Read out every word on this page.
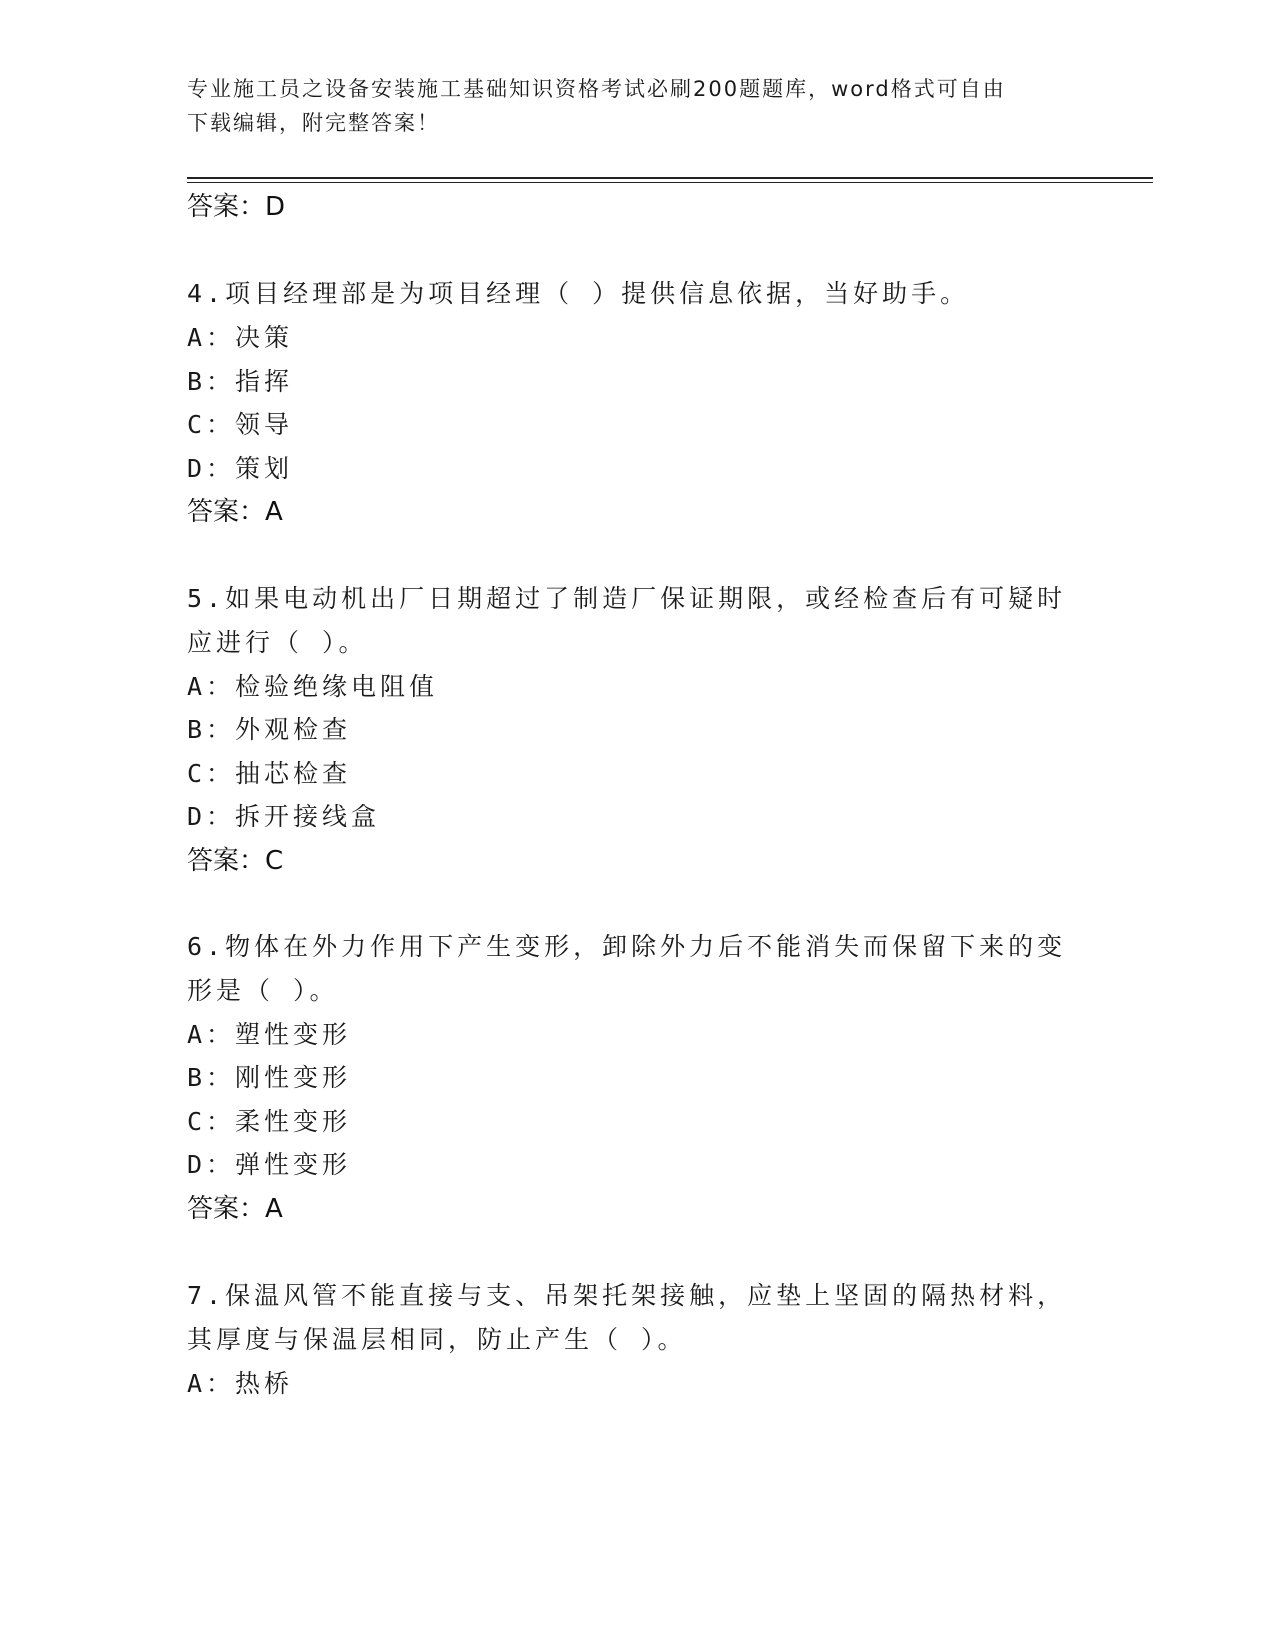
专业施工员之设备安装施工基础知识资格考试必刷200题题库，word格式可自由
下载编辑，附完整答案！
答案：D
4.项目经理部是为项目经理（ ）提供信息依据，当好助手。
A：决策
B：指挥
C：领导
D：策划
答案：A
5.如果电动机出厂日期超过了制造厂保证期限，或经检查后有可疑时
应进行（ ）。
A：检验绝缘电阻值
B：外观检查
C：抽芯检查
D：拆开接线盒
答案：C
6.物体在外力作用下产生变形，卸除外力后不能消失而保留下来的变
形是（ ）。
A：塑性变形
B：刚性变形
C：柔性变形
D：弹性变形
答案：A
7.保温风管不能直接与支、吊架托架接触，应垫上坚固的隔热材料，
其厚度与保温层相同，防止产生（ ）。
A：热桥
